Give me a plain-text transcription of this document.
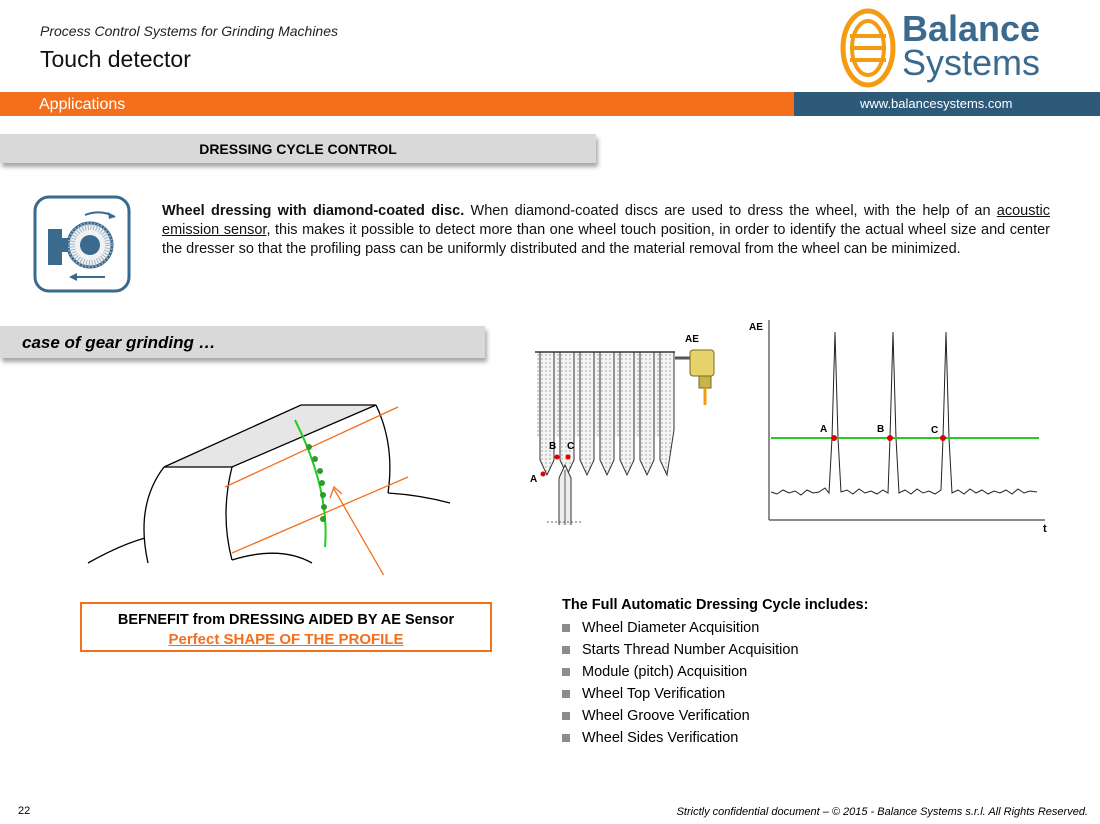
Process Control Systems for Grinding Machines
Touch detector
Balance
Systems
Applications	www.balancesystems.com
DRESSING CYCLE CONTROL
Wheel dressing with diamond-coated disc. When diamond-coated discs are used to dress the wheel, with the help of an acoustic emission sensor, this makes it possible to detect more than one wheel touch position, in order to identify the actual wheel size and center the dresser so that the profiling pass can be uniformly distributed and the material removal from the wheel can be minimized.
case of gear grinding …
BEFNEFIT from DRESSING AIDED BY AE Sensor
Perfect SHAPE OF THE PROFILE
AE
A
B C
AE
t
A	B	C
The Full Automatic Dressing Cycle includes:
Wheel Diameter Acquisition
Starts Thread Number Acquisition
Module (pitch) Acquisition
Wheel Top Verification
Wheel Groove Verification
Wheel Sides Verification
22	Strictly confidential document – © 2015 - Balance Systems s.r.l. All Rights Reserved.
